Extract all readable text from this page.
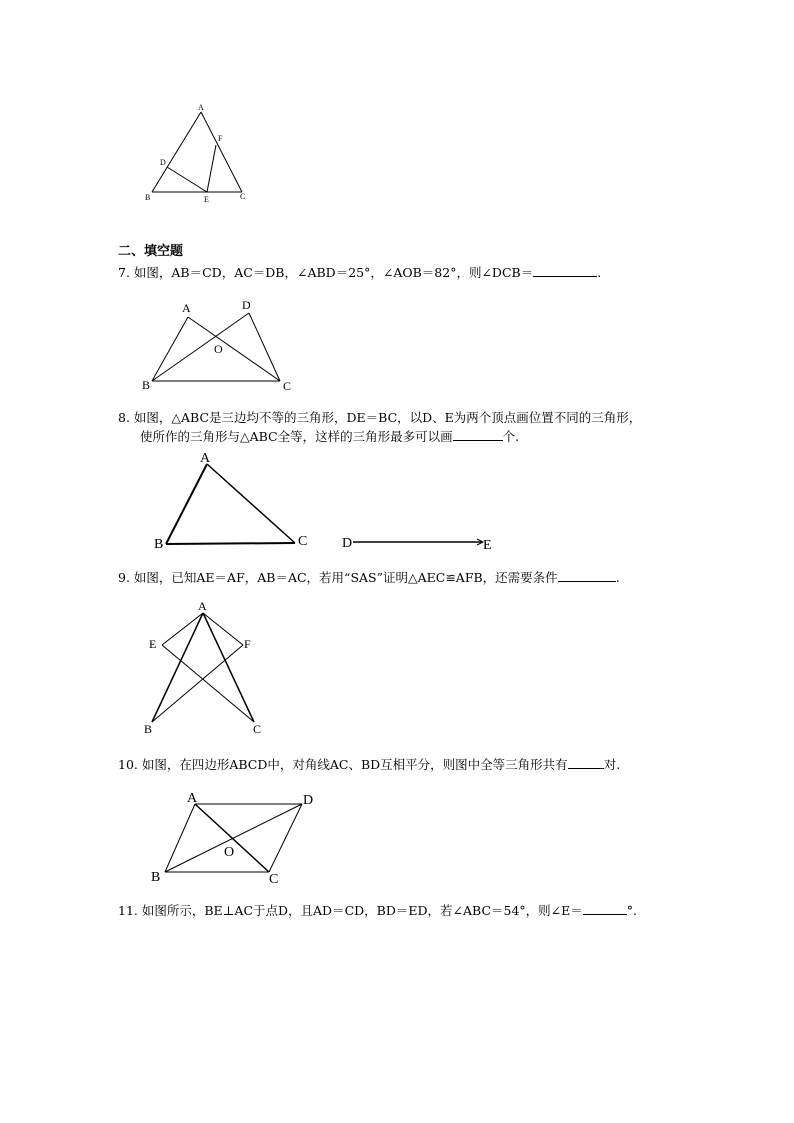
A
F
D
B	E	C
二、填空题
7. 如图，AB＝CD，AC＝DB，∠ABD＝25°，∠AOB＝82°，则∠DCB＝	.
A	D
O
B	C
8. 如图，△ABC是三边均不等的三角形，DE＝BC，以D、E为两个顶点画位置不同的三角形，
使所作的三角形与△ABC全等，这样的三角形最多可以画	个.
A
B	C D	E
9. 如图，已知AE＝AF，AB＝AC，若用“SAS”证明△AEC≌AFB，还需要条件	.
A
E	F
B	C
10. 如图，在四边形ABCD中，对角线AC、BD互相平分，则图中全等三角形共有	对.
A	D
O
B	C
11. 如图所示，BE⊥AC于点D，且AD＝CD，BD＝ED，若∠ABC＝54°，则∠E＝	°.
